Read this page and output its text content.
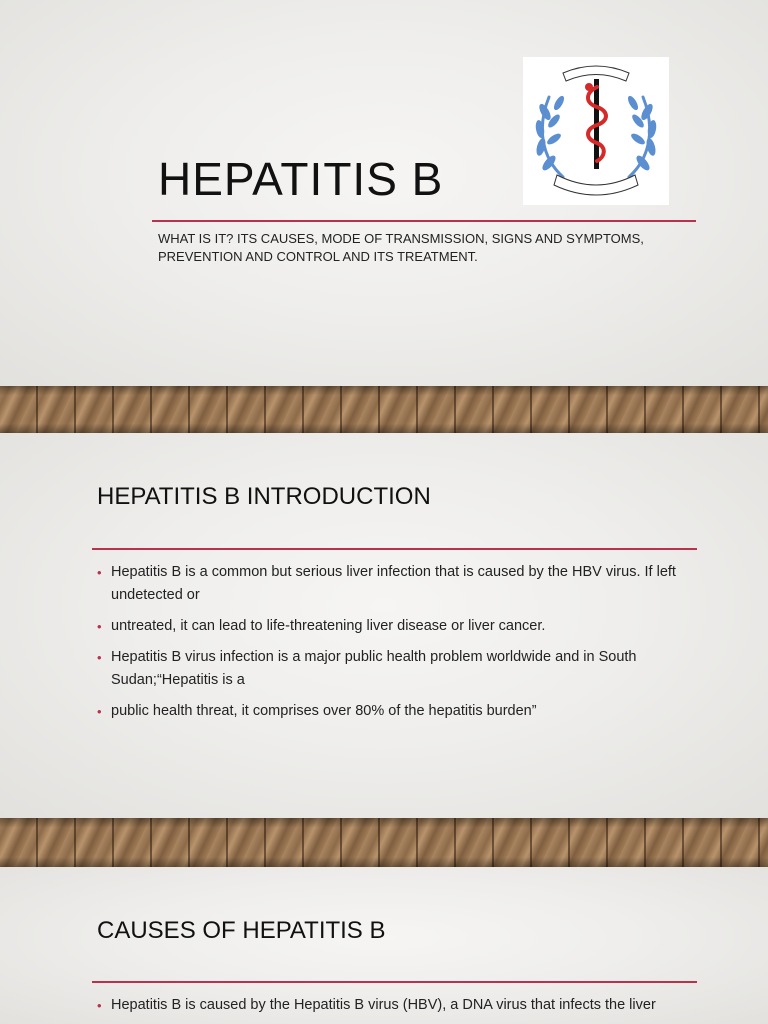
HEPATITIS B

WHAT IS IT? ITS CAUSES, MODE OF TRANSMISSION, SIGNS AND SYMPTOMS, PREVENTION AND CONTROL AND ITS TREATMENT.

HEPATITIS B INTRODUCTION
• Hepatitis B is a common but serious liver infection that is caused by the HBV virus. If left undetected or
• untreated, it can lead to life-threatening liver disease or liver cancer.
• Hepatitis B virus infection is a major public health problem worldwide and in South Sudan;“Hepatitis is a
• public health threat, it comprises over 80% of the hepatitis burden”
CAUSES OF HEPATITIS B
• Hepatitis B is caused by the Hepatitis B virus (HBV), a DNA virus that infects the liver
